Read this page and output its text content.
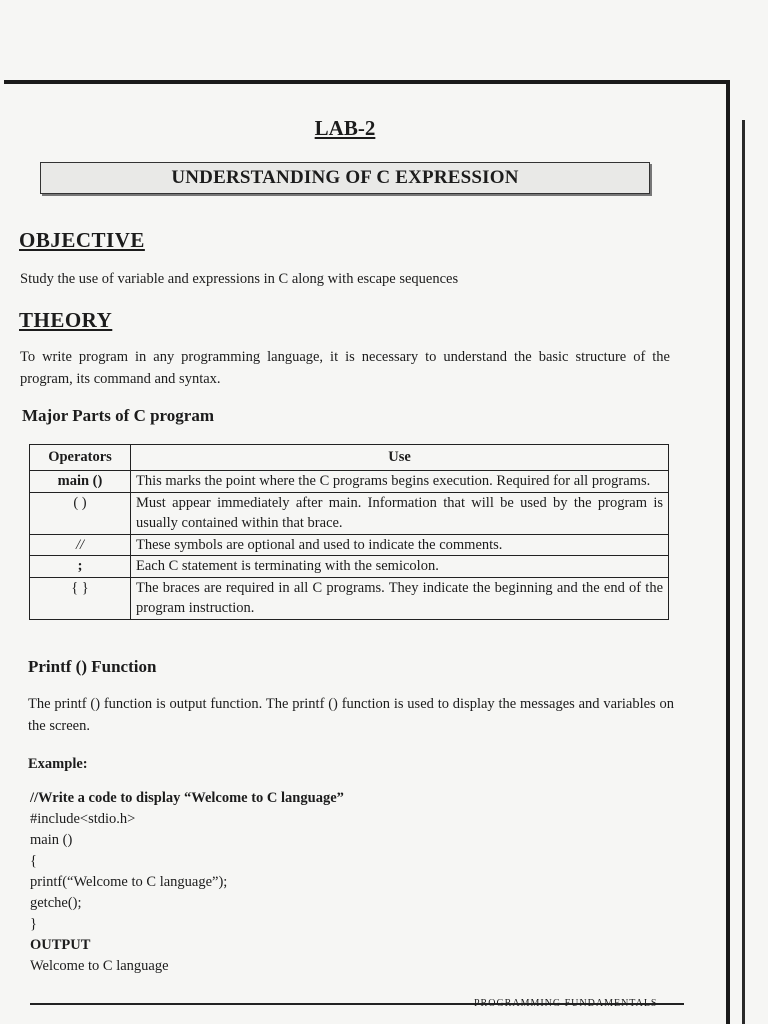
LAB-2
UNDERSTANDING OF C EXPRESSION
OBJECTIVE
Study the use of variable and expressions in C along with escape sequences
THEORY
To write program in any programming language, it is necessary to understand the basic structure of the program, its command and syntax.
Major Parts of C program
Operators	Use
main ()	This marks the point where the C programs begins execution. Required for all programs.
( )	Must appear immediately after main. Information that will be used by the program is usually contained within that brace.
//	These symbols are optional and used to indicate the comments.
;	Each C statement is terminating with the semicolon.
{ }	The braces are required in all C programs. They indicate the beginning and the end of the program instruction.
Printf () Function
The printf () function is output function. The printf () function is used to display the messages and variables on the screen.
Example:
//Write a code to display “Welcome to C language”
#include<stdio.h>
main ()
{
printf(“Welcome to C language”);
getche();
}
OUTPUT
Welcome to C language
PROGRAMMING FUNDAMENTALS
